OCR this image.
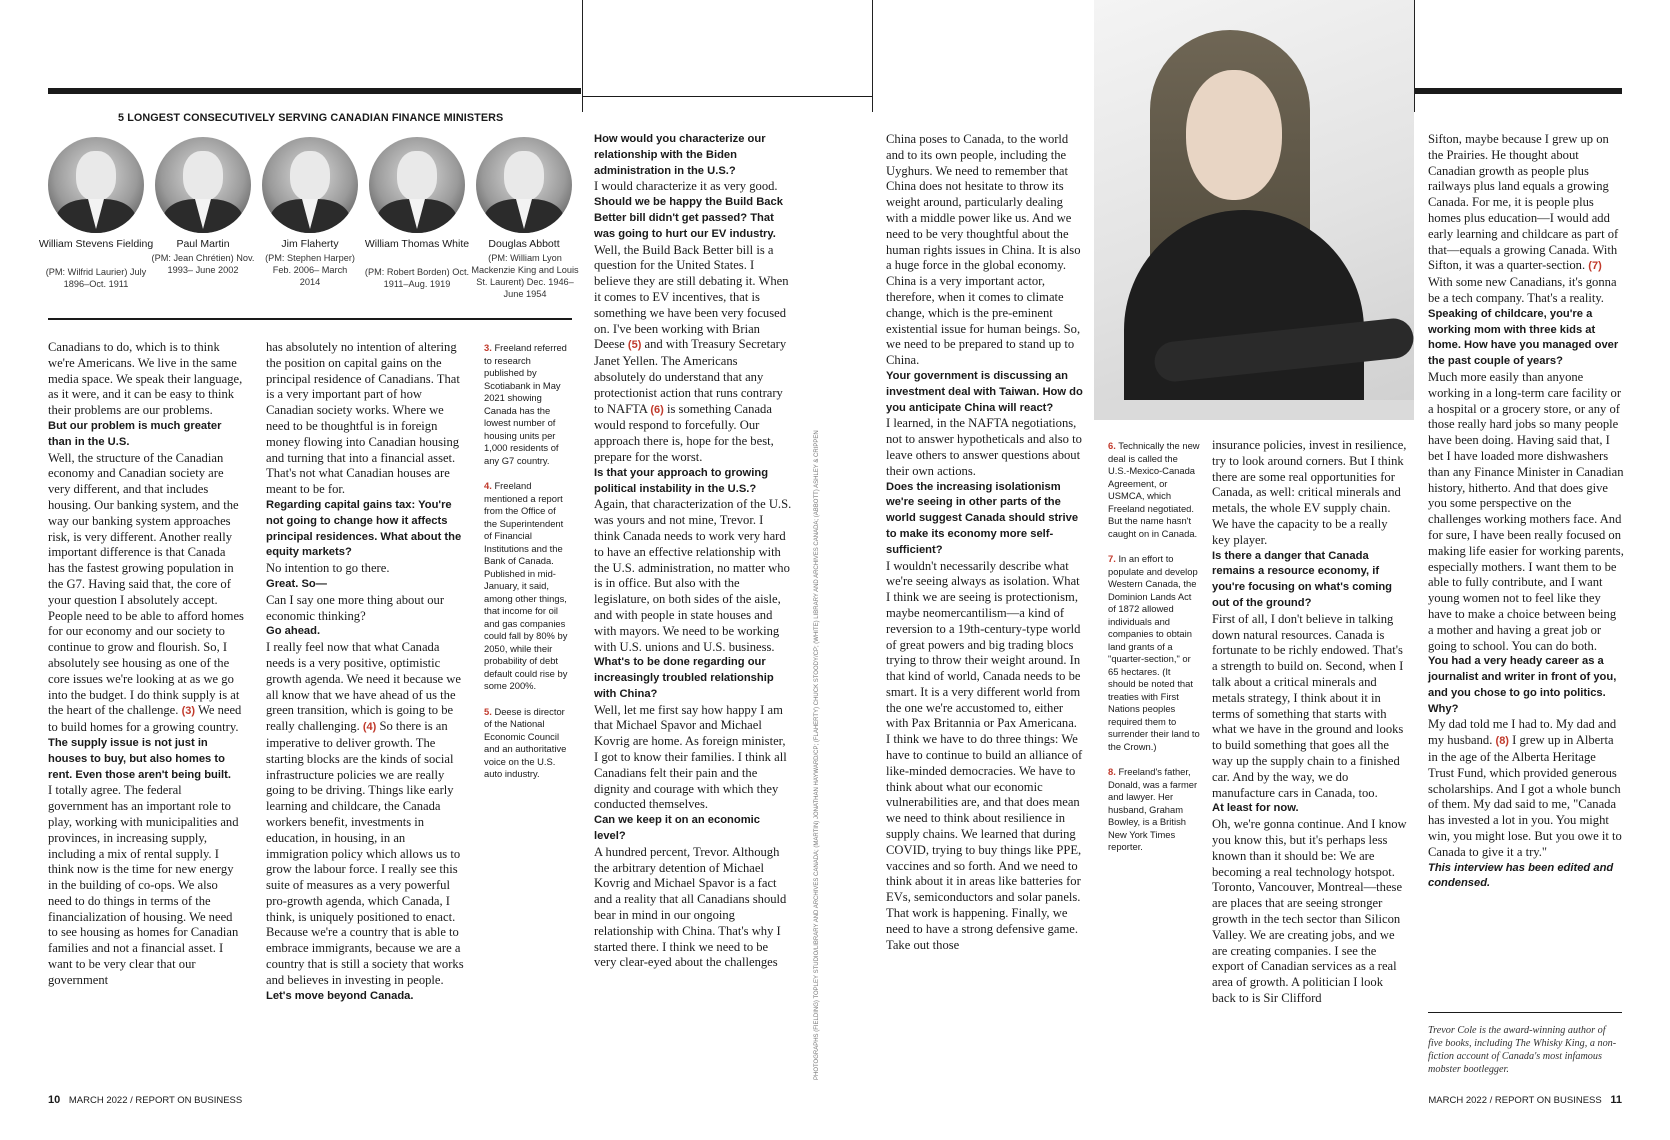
5 LONGEST CONSECUTIVELY SERVING CANADIAN FINANCE MINISTERS
William Stevens Fielding
(PM: Wilfrid Laurier) July 1896–Oct. 1911
Paul Martin
(PM: Jean Chrétien) Nov. 1993– June 2002
Jim Flaherty
(PM: Stephen Harper) Feb. 2006– March 2014
William Thomas White
(PM: Robert Borden) Oct. 1911–Aug. 1919
Douglas Abbott
(PM: William Lyon Mackenzie King and Louis St. Laurent) Dec. 1946–June 1954

Canadians to do, which is to think we're Americans. We live in the same media space. We speak their language, as it were, and it can be easy to think their problems are our problems.

But our problem is much greater than in the U.S.

Well, the structure of the Canadian economy and Canadian society are very different, and that includes housing. Our banking system, and the way our banking system approaches risk, is very different. Another really important difference is that Canada has the fastest growing population in the G7. Having said that, the core of your question I absolutely accept. People need to be able to afford homes for our economy and our society to continue to grow and flourish. So, I absolutely see housing as one of the core issues we're looking at as we go into the budget. I do think supply is at the heart of the challenge. (3) We need to build homes for a growing country.

The supply issue is not just in houses to buy, but also homes to rent. Even those aren't being built.

I totally agree. The federal government has an important role to play, working with municipalities and provinces, in increasing supply, including a mix of rental supply. I think now is the time for new energy in the building of co-ops. We also need to do things in terms of the financialization of housing. We need to see housing as homes for Canadian families and not a financial asset. I want to be very clear that our government

has absolutely no intention of altering the position on capital gains on the principal residence of Canadians. That is a very important part of how Canadian society works. Where we need to be thoughtful is in foreign money flowing into Canadian housing and turning that into a financial asset. That's not what Canadian houses are meant to be for.

Regarding capital gains tax: You're not going to change how it affects principal residences. What about the equity markets?

No intention to go there.

Great. So—

Can I say one more thing about our economic thinking?

Go ahead.

I really feel now that what Canada needs is a very positive, optimistic growth agenda. We need it because we all know that we have ahead of us the green transition, which is going to be really challenging. (4) So there is an imperative to deliver growth. The starting blocks are the kinds of social infrastructure policies we are really going to be driving. Things like early learning and childcare, the Canada workers benefit, investments in education, in housing, in an immigration policy which allows us to grow the labour force. I really see this suite of measures as a very powerful pro-growth agenda, which Canada, I think, is uniquely positioned to enact. Because we're a country that is able to embrace immigrants, because we are a country that is still a society that works and believes in investing in people.

Let's move beyond Canada.

3. Freeland referred to research published by Scotiabank in May 2021 showing Canada has the lowest number of housing units per 1,000 residents of any G7 country.

4. Freeland mentioned a report from the Office of the Superintendent of Financial Institutions and the Bank of Canada. Published in mid-January, it said, among other things, that income for oil and gas companies could fall by 80% by 2050, while their probability of debt default could rise by some 200%.

5. Deese is director of the National Economic Council and an authoritative voice on the U.S. auto industry.

How would you characterize our relationship with the Biden administration in the U.S.?

I would characterize it as very good.

Should we be happy the Build Back Better bill didn't get passed? That was going to hurt our EV industry.

Well, the Build Back Better bill is a question for the United States. I believe they are still debating it. When it comes to EV incentives, that is something we have been very focused on. I've been working with Brian Deese (5) and with Treasury Secretary Janet Yellen. The Americans absolutely do understand that any protectionist action that runs contrary to NAFTA (6) is something Canada would respond to forcefully. Our approach there is, hope for the best, prepare for the worst.

Is that your approach to growing political instability in the U.S.?

Again, that characterization of the U.S. was yours and not mine, Trevor. I think Canada needs to work very hard to have an effective relationship with the U.S. administration, no matter who is in office. But also with the legislature, on both sides of the aisle, and with people in state houses and with mayors. We need to be working with U.S. unions and U.S. business.

What's to be done regarding our increasingly troubled relationship with China?

Well, let me first say how happy I am that Michael Spavor and Michael Kovrig are home. As foreign minister, I got to know their families. I think all Canadians felt their pain and the dignity and courage with which they conducted themselves.

Can we keep it on an economic level?

A hundred percent, Trevor. Although the arbitrary detention of Michael Kovrig and Michael Spavor is a fact and a reality that all Canadians should bear in mind in our ongoing relationship with China. That's why I started there. I think we need to be very clear-eyed about the challenges	PHOTOGRAPHS (FIELDING) TOPLEY STUDIO/LIBRARY AND ARCHIVES CANADA; (MARTIN) JONATHAN HAYWARD/CP; (FLAHERTY) CHUCK STOODY/CP; (WHITE) LIBRARY AND ARCHIVES CANADA; (ABBOTT) ASHLEY & CRIPPEN

China poses to Canada, to the world and to its own people, including the Uyghurs. We need to remember that China does not hesitate to throw its weight around, particularly dealing with a middle power like us. And we need to be very thoughtful about the human rights issues in China. It is also a huge force in the global economy. China is a very important actor, therefore, when it comes to climate change, which is the pre-eminent existential issue for human beings. So, we need to be prepared to stand up to China.

Your government is discussing an investment deal with Taiwan. How do you anticipate China will react?

I learned, in the NAFTA negotiations, not to answer hypotheticals and also to leave others to answer questions about their own actions.

Does the increasing isolationism we're seeing in other parts of the world suggest Canada should strive to make its economy more self-sufficient?

I wouldn't necessarily describe what we're seeing always as isolation. What I think we are seeing is protectionism, maybe neomercantilism—a kind of reversion to a 19th-century-type world of great powers and big trading blocs trying to throw their weight around. In that kind of world, Canada needs to be smart. It is a very different world from the one we're accustomed to, either with Pax Britannia or Pax Americana. I think we have to do three things: We have to continue to build an alliance of like-minded democracies. We have to think about what our economic vulnerabilities are, and that does mean we need to think about resilience in supply chains. We learned that during COVID, trying to buy things like PPE, vaccines and so forth. And we need to think about it in areas like batteries for EVs, semiconductors and solar panels. That work is happening. Finally, we need to have a strong defensive game. Take out those

6. Technically the new deal is called the U.S.-Mexico-Canada Agreement, or USMCA, which Freeland negotiated. But the name hasn't caught on in Canada.

7. In an effort to populate and develop Western Canada, the Dominion Lands Act of 1872 allowed individuals and companies to obtain land grants of a "quarter-section," or 65 hectares. (It should be noted that treaties with First Nations peoples required them to surrender their land to the Crown.)

8. Freeland's father, Donald, was a farmer and lawyer. Her husband, Graham Bowley, is a British New York Times reporter.

insurance policies, invest in resilience, try to look around corners. But I think there are some real opportunities for Canada, as well: critical minerals and metals, the whole EV supply chain. We have the capacity to be a really key player.

Is there a danger that Canada remains a resource economy, if you're focusing on what's coming out of the ground?

First of all, I don't believe in talking down natural resources. Canada is fortunate to be richly endowed. That's a strength to build on. Second, when I talk about a critical minerals and metals strategy, I think about it in terms of something that starts with what we have in the ground and looks to build something that goes all the way up the supply chain to a finished car. And by the way, we do manufacture cars in Canada, too.

At least for now.

Oh, we're gonna continue. And I know you know this, but it's perhaps less known than it should be: We are becoming a real technology hotspot. Toronto, Vancouver, Montreal—these are places that are seeing stronger growth in the tech sector than Silicon Valley. We are creating jobs, and we are creating companies. I see the export of Canadian services as a real area of growth. A politician I look back to is Sir Clifford

Sifton, maybe because I grew up on the Prairies. He thought about Canadian growth as people plus railways plus land equals a growing Canada. For me, it is people plus homes plus education—I would add early learning and childcare as part of that—equals a growing Canada. With Sifton, it was a quarter-section. (7) With some new Canadians, it's gonna be a tech company. That's a reality.

Speaking of childcare, you're a working mom with three kids at home. How have you managed over the past couple of years?

Much more easily than anyone working in a long-term care facility or a hospital or a grocery store, or any of those really hard jobs so many people have been doing. Having said that, I bet I have loaded more dishwashers than any Finance Minister in Canadian history, hitherto. And that does give you some perspective on the challenges working mothers face. And for sure, I have been really focused on making life easier for working parents, especially mothers. I want them to be able to fully contribute, and I want young women not to feel like they have to make a choice between being a mother and having a great job or going to school. You can do both.

You had a very heady career as a journalist and writer in front of you, and you chose to go into politics. Why?

My dad told me I had to. My dad and my husband. (8) I grew up in Alberta in the age of the Alberta Heritage Trust Fund, which provided generous scholarships. And I got a whole bunch of them. My dad said to me, "Canada has invested a lot in you. You might win, you might lose. But you owe it to Canada to give it a try."

This interview has been edited and condensed.

Trevor Cole is the award-winning author of five books, including The Whisky King, a non-fiction account of Canada's most infamous mobster bootlegger.
10 MARCH 2022 / REPORT ON BUSINESS	MARCH 2022 / REPORT ON BUSINESS 11
